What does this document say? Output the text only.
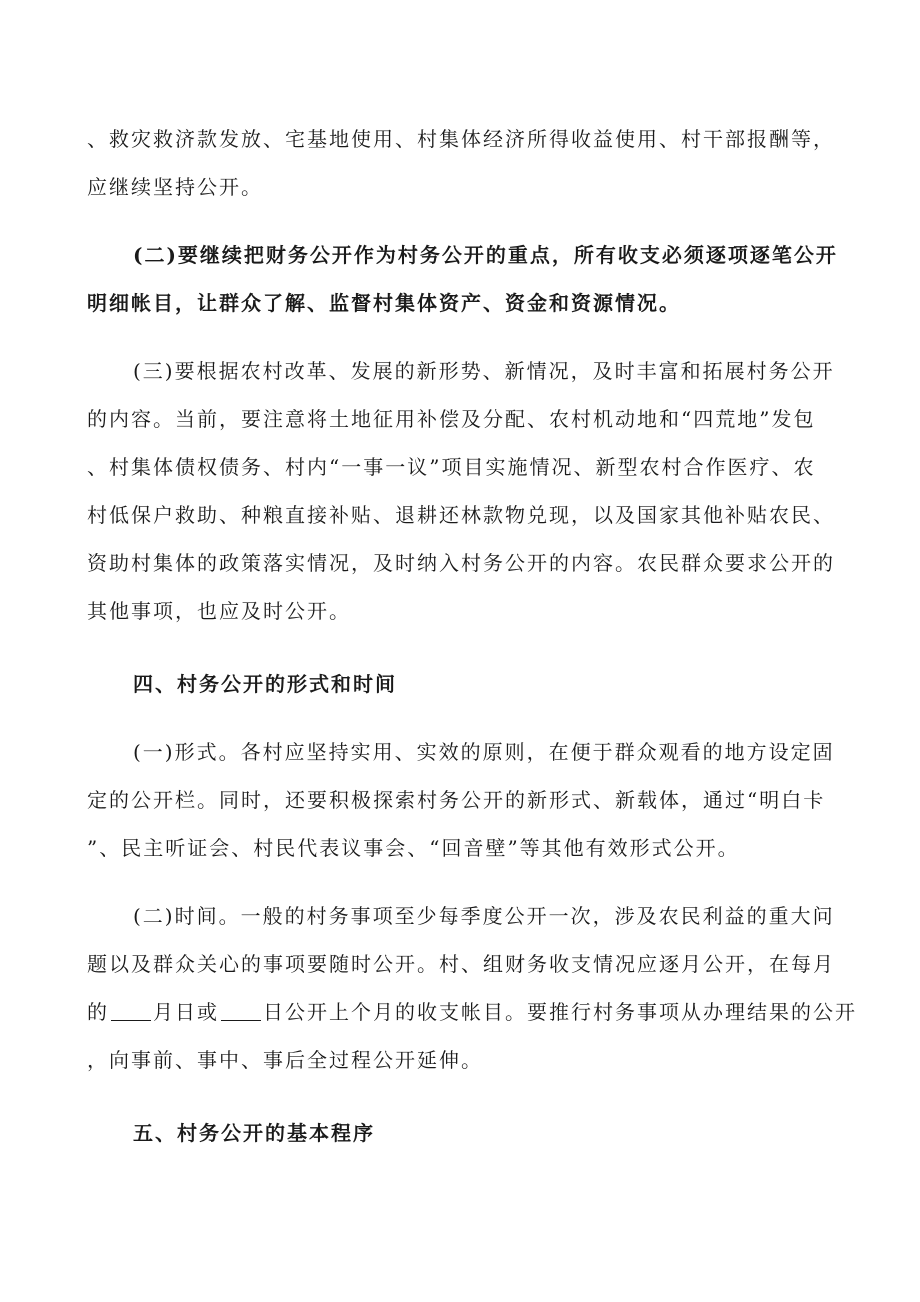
、救灾救济款发放、宅基地使用、村集体经济所得收益使用、村干部报酬等，
应继续坚持公开。
(二)要继续把财务公开作为村务公开的重点，所有收支必须逐项逐笔公开
明细帐目，让群众了解、监督村集体资产、资金和资源情况。
(三)要根据农村改革、发展的新形势、新情况，及时丰富和拓展村务公开
的内容。当前，要注意将土地征用补偿及分配、农村机动地和“四荒地”发包
、村集体债权债务、村内“一事一议”项目实施情况、新型农村合作医疗、农
村低保户救助、种粮直接补贴、退耕还林款物兑现，以及国家其他补贴农民、
资助村集体的政策落实情况，及时纳入村务公开的内容。农民群众要求公开的
其他事项，也应及时公开。
四、村务公开的形式和时间
(一)形式。各村应坚持实用、实效的原则，在便于群众观看的地方设定固
定的公开栏。同时，还要积极探索村务公开的新形式、新载体，通过“明白卡
”、民主听证会、村民代表议事会、“回音壁”等其他有效形式公开。
(二)时间。一般的村务事项至少每季度公开一次，涉及农民利益的重大问
题以及群众关心的事项要随时公开。村、组财务收支情况应逐月公开，在每月
的 月日或 日公开上个月的收支帐目。要推行村务事项从办理结果的公开
，向事前、事中、事后全过程公开延伸。
五、村务公开的基本程序
